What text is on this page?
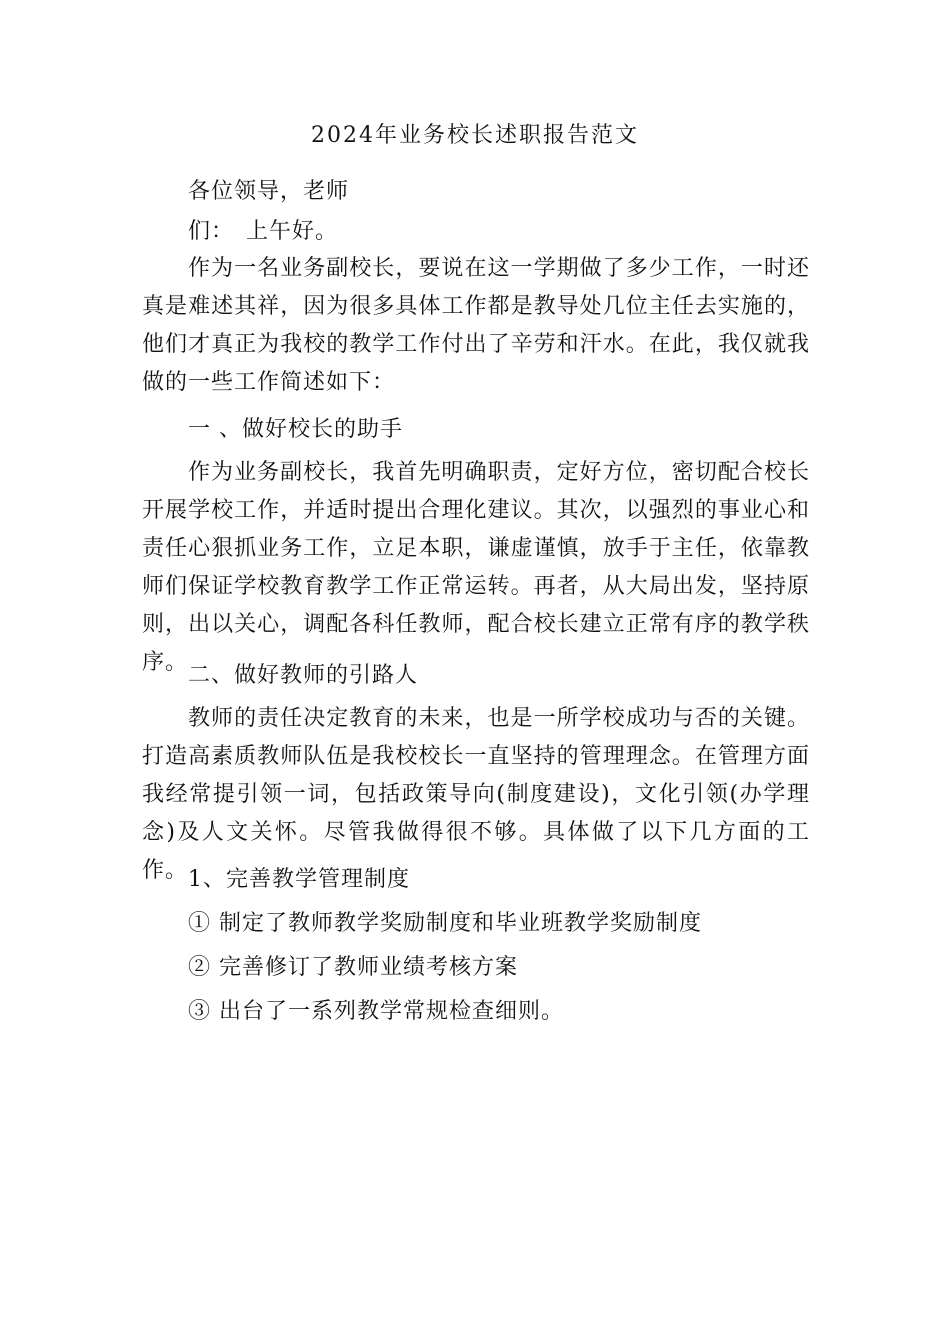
2024年业务校长述职报告范文
各位领导，老师
们：　上午好。
作为一名业务副校长，要说在这一学期做了多少工作，一时还真是难述其祥，因为很多具体工作都是教导处几位主任去实施的，他们才真正为我校的教学工作付出了辛劳和汗水。在此，我仅就我做的一些工作简述如下：
一 、做好校长的助手
作为业务副校长，我首先明确职责，定好方位，密切配合校长开展学校工作，并适时提出合理化建议。其次，以强烈的事业心和责任心狠抓业务工作，立足本职，谦虚谨慎，放手于主任，依靠教师们保证学校教育教学工作正常运转。再者，从大局出发，坚持原则，出以关心，调配各科任教师，配合校长建立正常有序的教学秩序。
二、做好教师的引路人
教师的责任决定教育的未来，也是一所学校成功与否的关键。打造高素质教师队伍是我校校长一直坚持的管理理念。在管理方面我经常提引领一词，包括政策导向(制度建设)，文化引领(办学理念)及人文关怀。尽管我做得很不够。具体做了以下几方面的工作。 1、完善教学管理制度
① 制定了教师教学奖励制度和毕业班教学奖励制度
② 完善修订了教师业绩考核方案
③ 出台了一系列教学常规检查细则。
